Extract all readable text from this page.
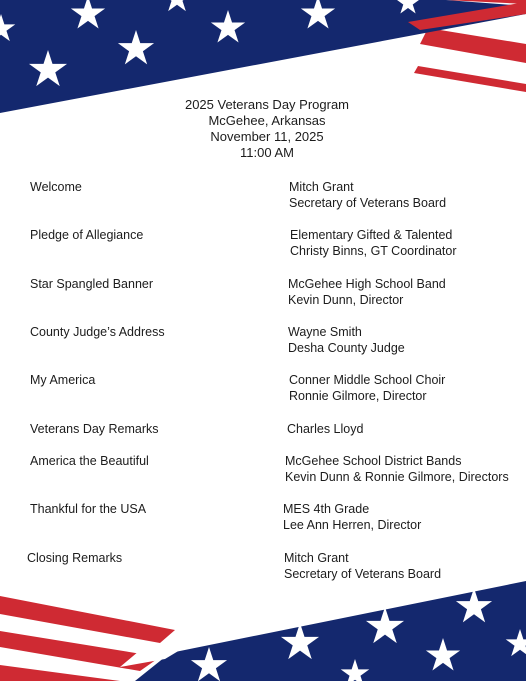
2025 Veterans Day Program
McGehee, Arkansas
November 11, 2025
11:00 AM
Welcome	Mitch Grant
Secretary of Veterans Board
Pledge of Allegiance	Elementary Gifted & Talented
Christy Binns, GT Coordinator
Star Spangled Banner	McGehee High School Band
Kevin Dunn, Director
County Judge’s Address	Wayne Smith
Desha County Judge
My America	Conner Middle School Choir
Ronnie Gilmore, Director
Veterans Day Remarks	Charles Lloyd
America the Beautiful	McGehee School District Bands
Kevin Dunn & Ronnie Gilmore, Directors
Thankful for the USA	MES 4th Grade
Lee Ann Herren, Director
Closing Remarks	Mitch Grant
Secretary of Veterans Board
